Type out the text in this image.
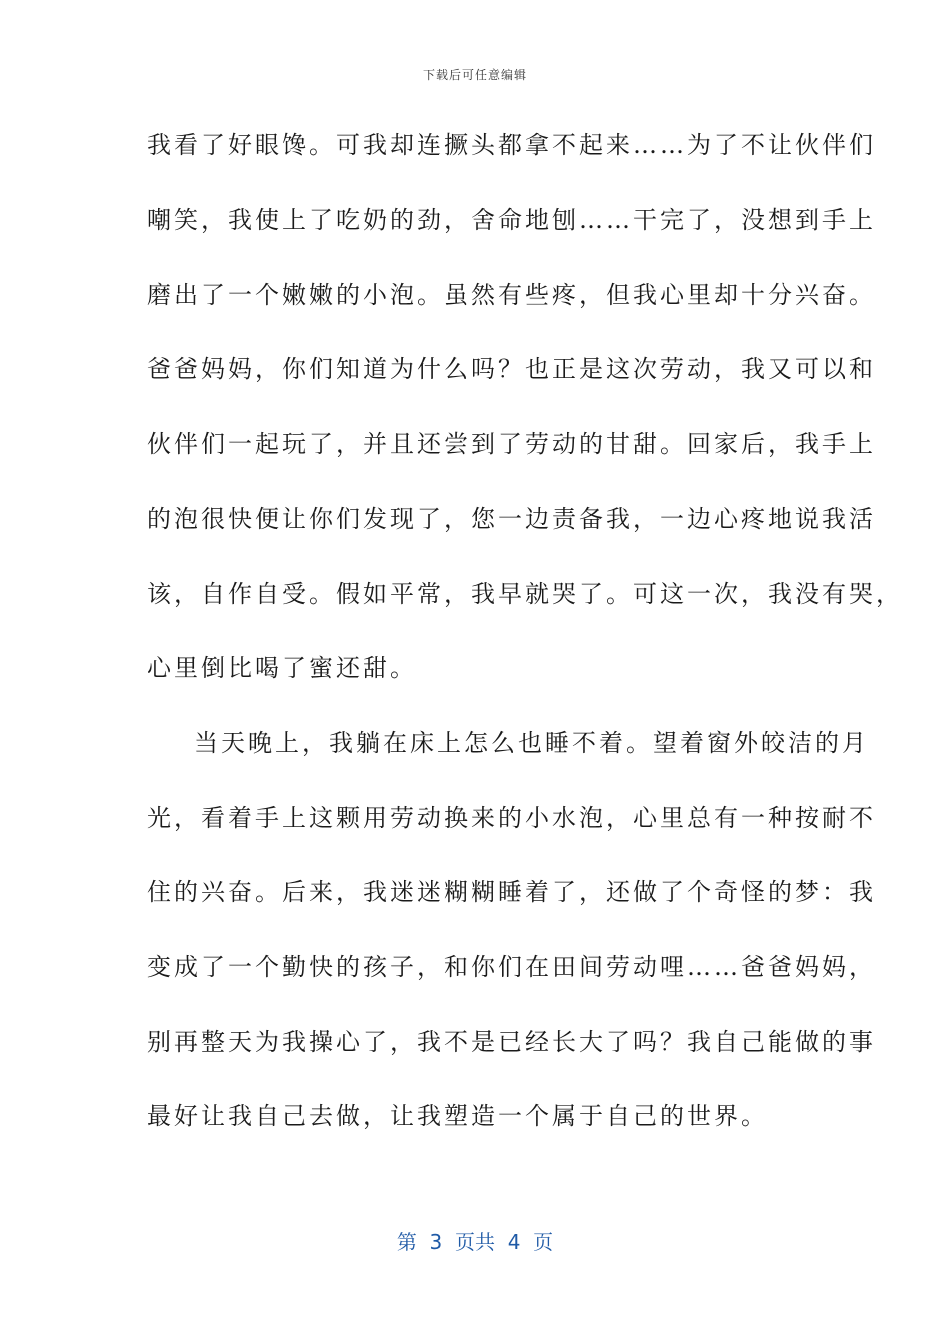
下载后可任意编辑
我看了好眼馋。可我却连撅头都拿不起来……为了不让伙伴们
嘲笑，我使上了吃奶的劲，舍命地刨……干完了，没想到手上
磨出了一个嫩嫩的小泡。虽然有些疼，但我心里却十分兴奋。
爸爸妈妈，你们知道为什么吗？也正是这次劳动，我又可以和
伙伴们一起玩了，并且还尝到了劳动的甘甜。回家后，我手上
的泡很快便让你们发现了，您一边责备我，一边心疼地说我活
该，自作自受。假如平常，我早就哭了。可这一次，我没有哭，
心里倒比喝了蜜还甜。
当天晚上，我躺在床上怎么也睡不着。望着窗外皎洁的月
光，看着手上这颗用劳动换来的小水泡，心里总有一种按耐不
住的兴奋。后来，我迷迷糊糊睡着了，还做了个奇怪的梦：我
变成了一个勤快的孩子，和你们在田间劳动哩……爸爸妈妈，
别再整天为我操心了，我不是已经长大了吗？我自己能做的事
最好让我自己去做，让我塑造一个属于自己的世界。
第  3  页共  4  页
